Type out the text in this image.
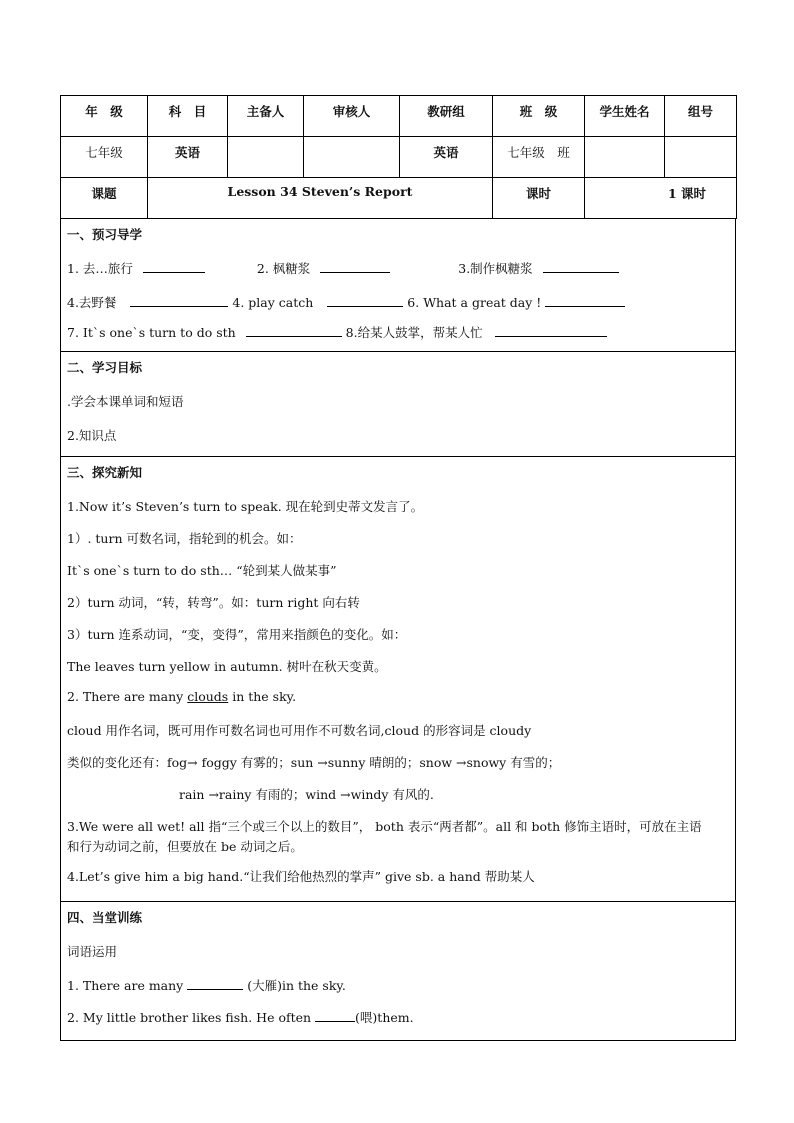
年　级	科　目	主备人	审核人	教研组	班　级	学生姓名	组号
七年级	英语			英语	七年级　班		
课题	Lesson 34 Steven’s Report				课时	1 课时	
一、预习导学
1. 去…旅行	2. 枫糖浆	3.制作枫糖浆
4.去野餐	4. play catch	6. What a great day !
7. It`s one`s turn to do sth	8.给某人鼓掌，帮某人忙
二、学习目标
.学会本课单词和短语
2.知识点
三、探究新知
1.Now it’s Steven’s turn to speak. 现在轮到史蒂文发言了。
1）. turn 可数名词，指轮到的机会。如：
It`s one`s turn to do sth… “轮到某人做某事”
2）turn 动词，“转，转弯”。如：turn right 向右转
3）turn 连系动词，“变，变得”，常用来指颜色的变化。如：
The leaves turn yellow in autumn. 树叶在秋天变黄。
2. There are many clouds in the sky.
cloud 用作名词，既可用作可数名词也可用作不可数名词,cloud 的形容词是 cloudy
类似的变化还有：fog→ foggy 有雾的；sun →sunny 晴朗的；snow →snowy 有雪的；
rain →rainy 有雨的；wind →windy 有风的.
3.We were all wet! all 指“三个或三个以上的数目”， both 表示“两者都”。all 和 both 修饰主语时，可放在主语
和行为动词之前，但要放在 be 动词之后。
4.Let’s give him a big hand.“让我们给他热烈的掌声” give sb. a hand 帮助某人
四、当堂训练
词语运用
1. There are many	(大雁)in the sky.
2. My little brother likes fish. He often	(喂)them.
